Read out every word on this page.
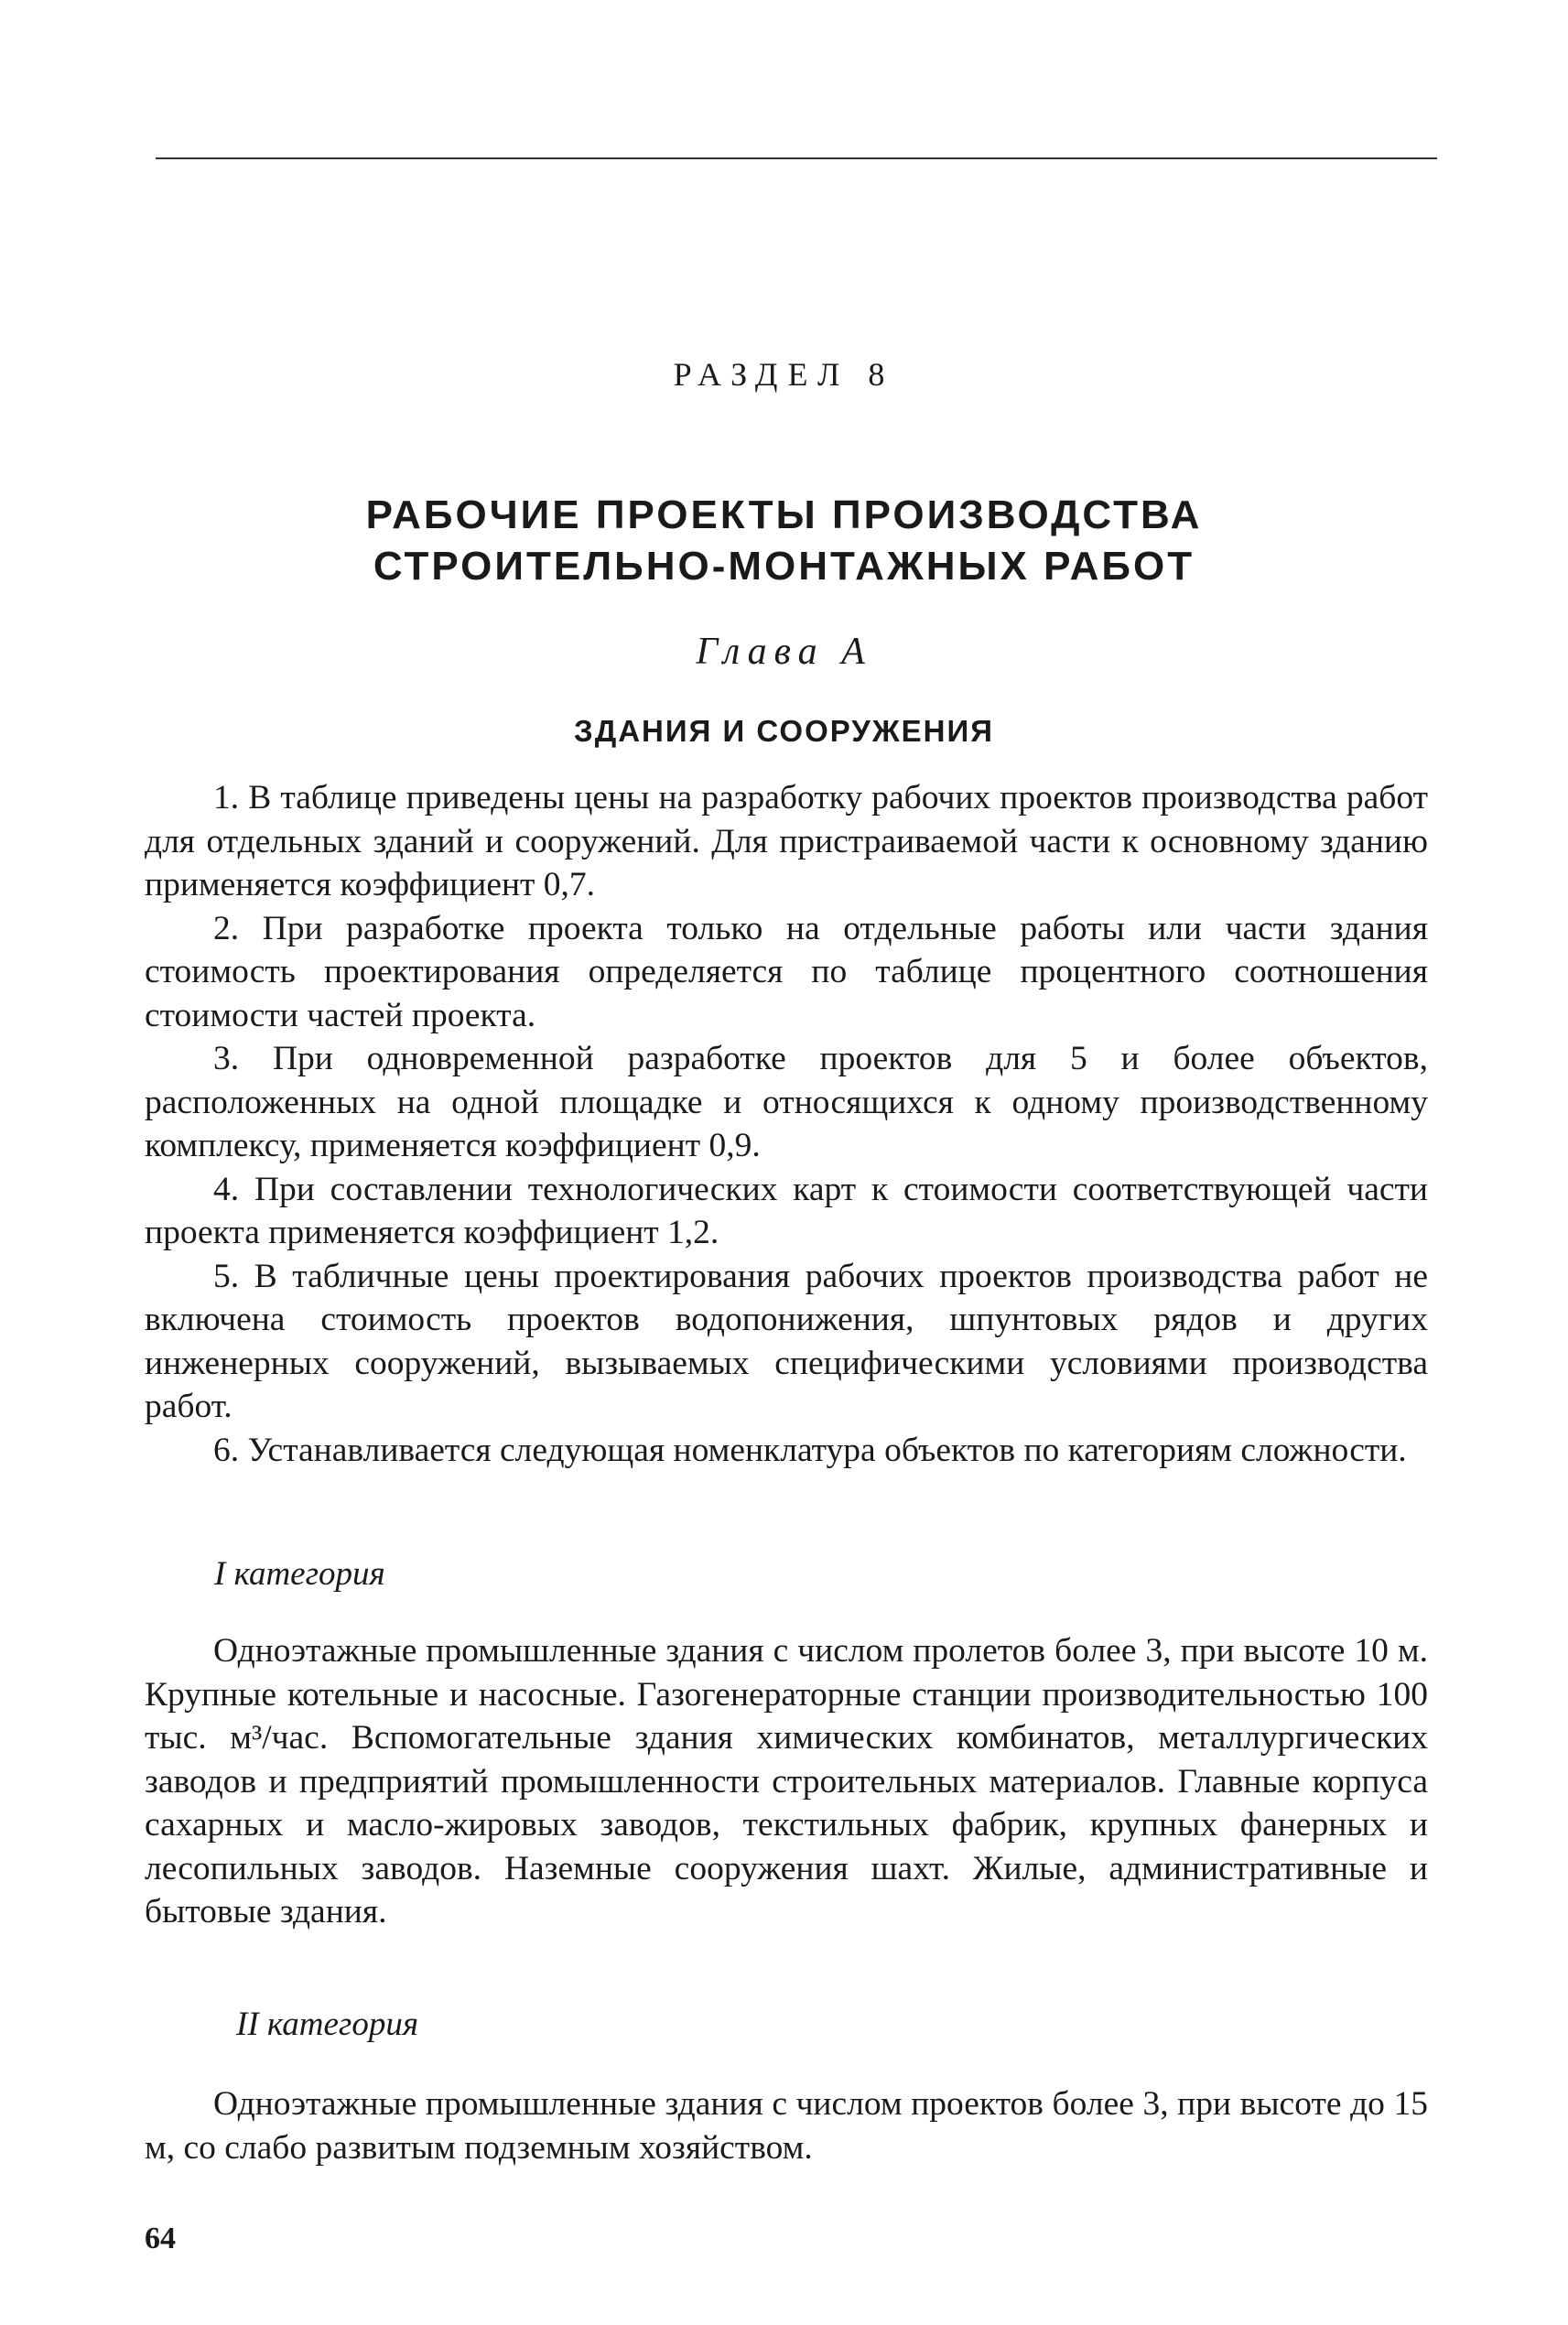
РАЗДЕЛ 8
РАБОЧИЕ ПРОЕКТЫ ПРОИЗВОДСТВА
СТРОИТЕЛЬНО-МОНТАЖНЫХ РАБОТ
Глава А
ЗДАНИЯ И СООРУЖЕНИЯ

1. В таблице приведены цены на разработку рабочих проектов производства работ для отдельных зданий и сооружений. Для пристраиваемой части к основному зданию применяется коэффициент 0,7.

2. При разработке проекта только на отдельные работы или части здания стоимость проектирования определяется по таблице процентного соотношения стоимости частей проекта.

3. При одновременной разработке проектов для 5 и более объектов, расположенных на одной площадке и относящихся к одному производственному комплексу, применяется коэффициент 0,9.

4. При составлении технологических карт к стоимости соответствующей части проекта применяется коэффициент 1,2.

5. В табличные цены проектирования рабочих проектов производства работ не включена стоимость проектов водопонижения, шпунтовых рядов и других инженерных сооружений, вызываемых специфическими условиями производства работ.

6. Устанавливается следующая номенклатура объектов по категориям сложности.

I категория

Одноэтажные промышленные здания с числом пролетов более 3, при высоте 10 м. Крупные котельные и насосные. Газогенераторные станции производительностью 100 тыс. м³/час. Вспомогательные здания химических комбинатов, металлургических заводов и предприятий промышленности строительных материалов. Главные корпуса сахарных и масло-жировых заводов, текстильных фабрик, крупных фанерных и лесопильных заводов. Наземные сооружения шахт. Жилые, административные и бытовые здания.

II категория

Одноэтажные промышленные здания с числом проектов более 3, при высоте до 15 м, со слабо развитым подземным хозяйством.

64
